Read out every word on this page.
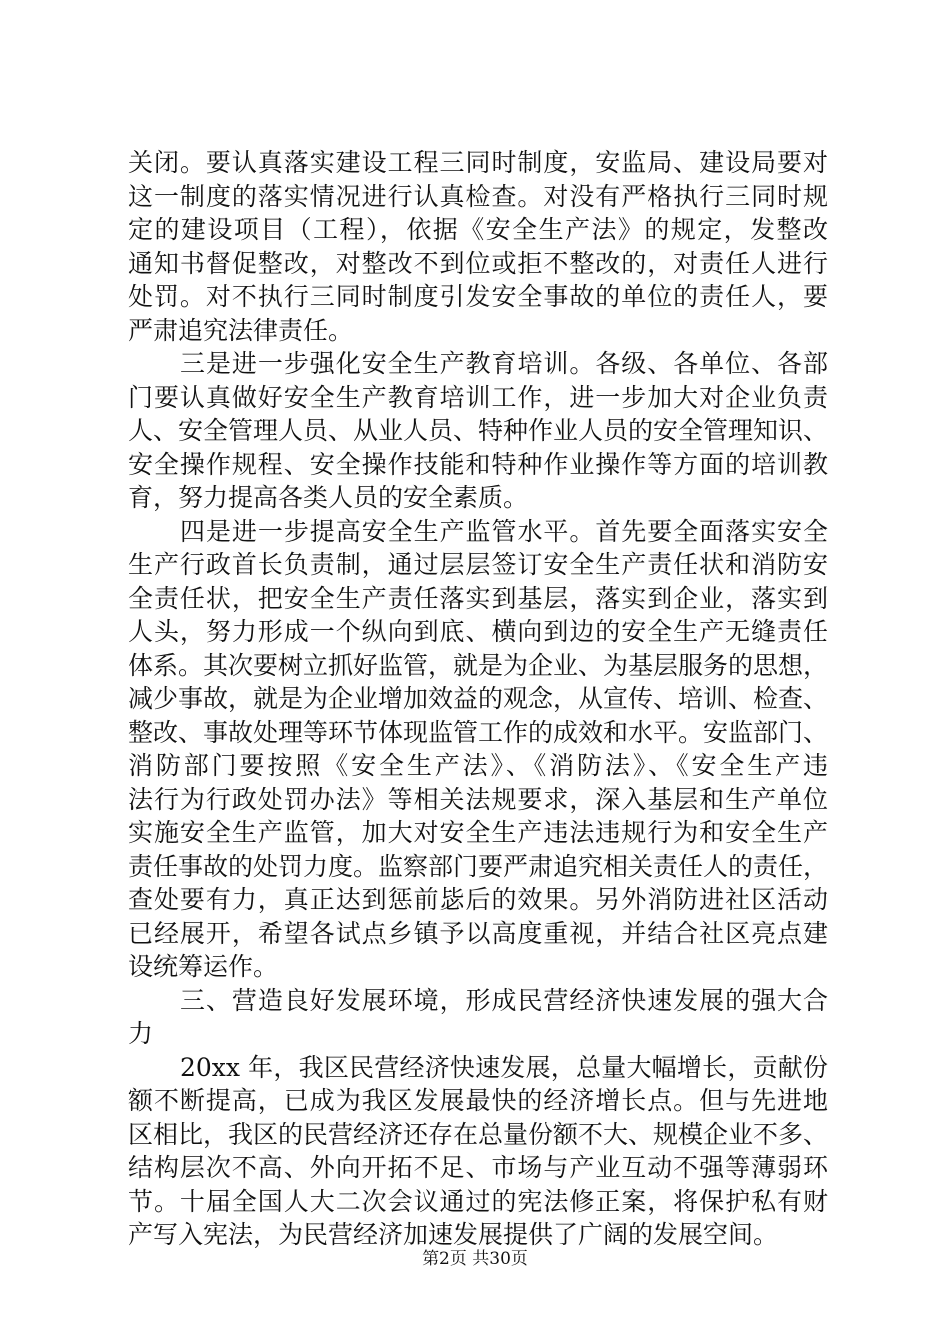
关闭。要认真落实建设工程三同时制度，安监局、建设局要对
这一制度的落实情况进行认真检查。对没有严格执行三同时规
定的建设项目（工程），依据《安全生产法》的规定，发整改
通知书督促整改，对整改不到位或拒不整改的，对责任人进行
处罚。对不执行三同时制度引发安全事故的单位的责任人，要
严肃追究法律责任。
三是进一步强化安全生产教育培训。各级、各单位、各部
门要认真做好安全生产教育培训工作，进一步加大对企业负责
人、安全管理人员、从业人员、特种作业人员的安全管理知识、
安全操作规程、安全操作技能和特种作业操作等方面的培训教
育，努力提高各类人员的安全素质。
四是进一步提高安全生产监管水平。首先要全面落实安全
生产行政首长负责制，通过层层签订安全生产责任状和消防安
全责任状，把安全生产责任落实到基层，落实到企业，落实到
人头，努力形成一个纵向到底、横向到边的安全生产无缝责任
体系。其次要树立抓好监管，就是为企业、为基层服务的思想，
减少事故，就是为企业增加效益的观念，从宣传、培训、检查、
整改、事故处理等环节体现监管工作的成效和水平。安监部门、
消防部门要按照《安全生产法》、《消防法》、《安全生产违
法行为行政处罚办法》等相关法规要求，深入基层和生产单位
实施安全生产监管，加大对安全生产违法违规行为和安全生产
责任事故的处罚力度。监察部门要严肃追究相关责任人的责任，
查处要有力，真正达到惩前毖后的效果。另外消防进社区活动
已经展开，希望各试点乡镇予以高度重视，并结合社区亮点建
设统筹运作。
三、营造良好发展环境，形成民营经济快速发展的强大合
力
20xx 年，我区民营经济快速发展，总量大幅增长，贡献份
额不断提高，已成为我区发展最快的经济增长点。但与先进地
区相比，我区的民营经济还存在总量份额不大、规模企业不多、
结构层次不高、外向开拓不足、市场与产业互动不强等薄弱环
节。十届全国人大二次会议通过的宪法修正案，将保护私有财
产写入宪法，为民营经济加速发展提供了广阔的发展空间。
第2页 共30页
